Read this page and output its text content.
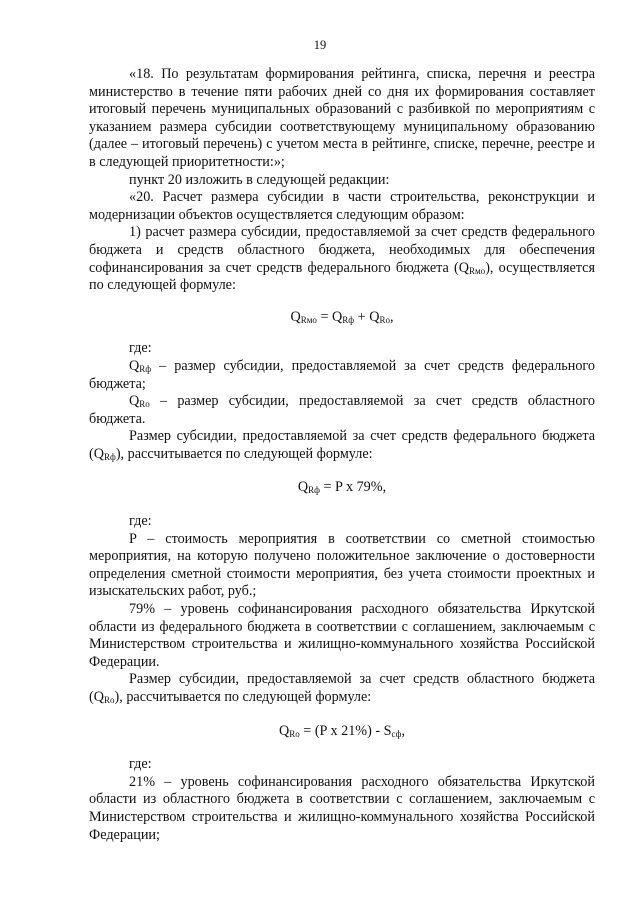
19

«18. По результатам формирования рейтинга, списка, перечня и реестра министерство в течение пяти рабочих дней со дня их формирования составляет итоговый перечень муниципальных образований с разбивкой по мероприятиям с указанием размера субсидии соответствующему муниципальному образованию (далее – итоговый перечень) с учетом места в рейтинге, списке, перечне, реестре и в следующей приоритетности:»;

пункт 20 изложить в следующей редакции:

«20. Расчет размера субсидии в части строительства, реконструкции и модернизации объектов осуществляется следующим образом:

1) расчет размера субсидии, предоставляемой за счет средств федерального бюджета и средств областного бюджета, необходимых для обеспечения софинансирования за счет средств федерального бюджета $(Q_{Rмо})$, осуществляется по следующей формуле:

$Q_{Rмо} = Q_{Rф} + Q_{Ro}$,

где:

$Q_{Rф}$ – размер субсидии, предоставляемой за счет средств федерального бюджета;

$Q_{Ro}$ – размер субсидии, предоставляемой за счет средств областного бюджета.

Размер субсидии, предоставляемой за счет средств федерального бюджета $(Q_{Rф})$, рассчитывается по следующей формуле:

$Q_{Rф} = P$ x 79%,

где:

P – стоимость мероприятия в соответствии со сметной стоимостью мероприятия, на которую получено положительное заключение о достоверности определения сметной стоимости мероприятия, без учета стоимости проектных и изыскательских работ, руб.;

79% – уровень софинансирования расходного обязательства Иркутской области из федерального бюджета в соответствии с соглашением, заключаемым с Министерством строительства и жилищно-коммунального хозяйства Российской Федерации.

Размер субсидии, предоставляемой за счет средств областного бюджета $(Q_{Ro})$, рассчитывается по следующей формуле:

$Q_{Ro} = (P$ x $21\%) - S_{сф}$,

где:

21% – уровень софинансирования расходного обязательства Иркутской области из областного бюджета в соответствии с соглашением, заключаемым с Министерством строительства и жилищно-коммунального хозяйства Российской Федерации;
